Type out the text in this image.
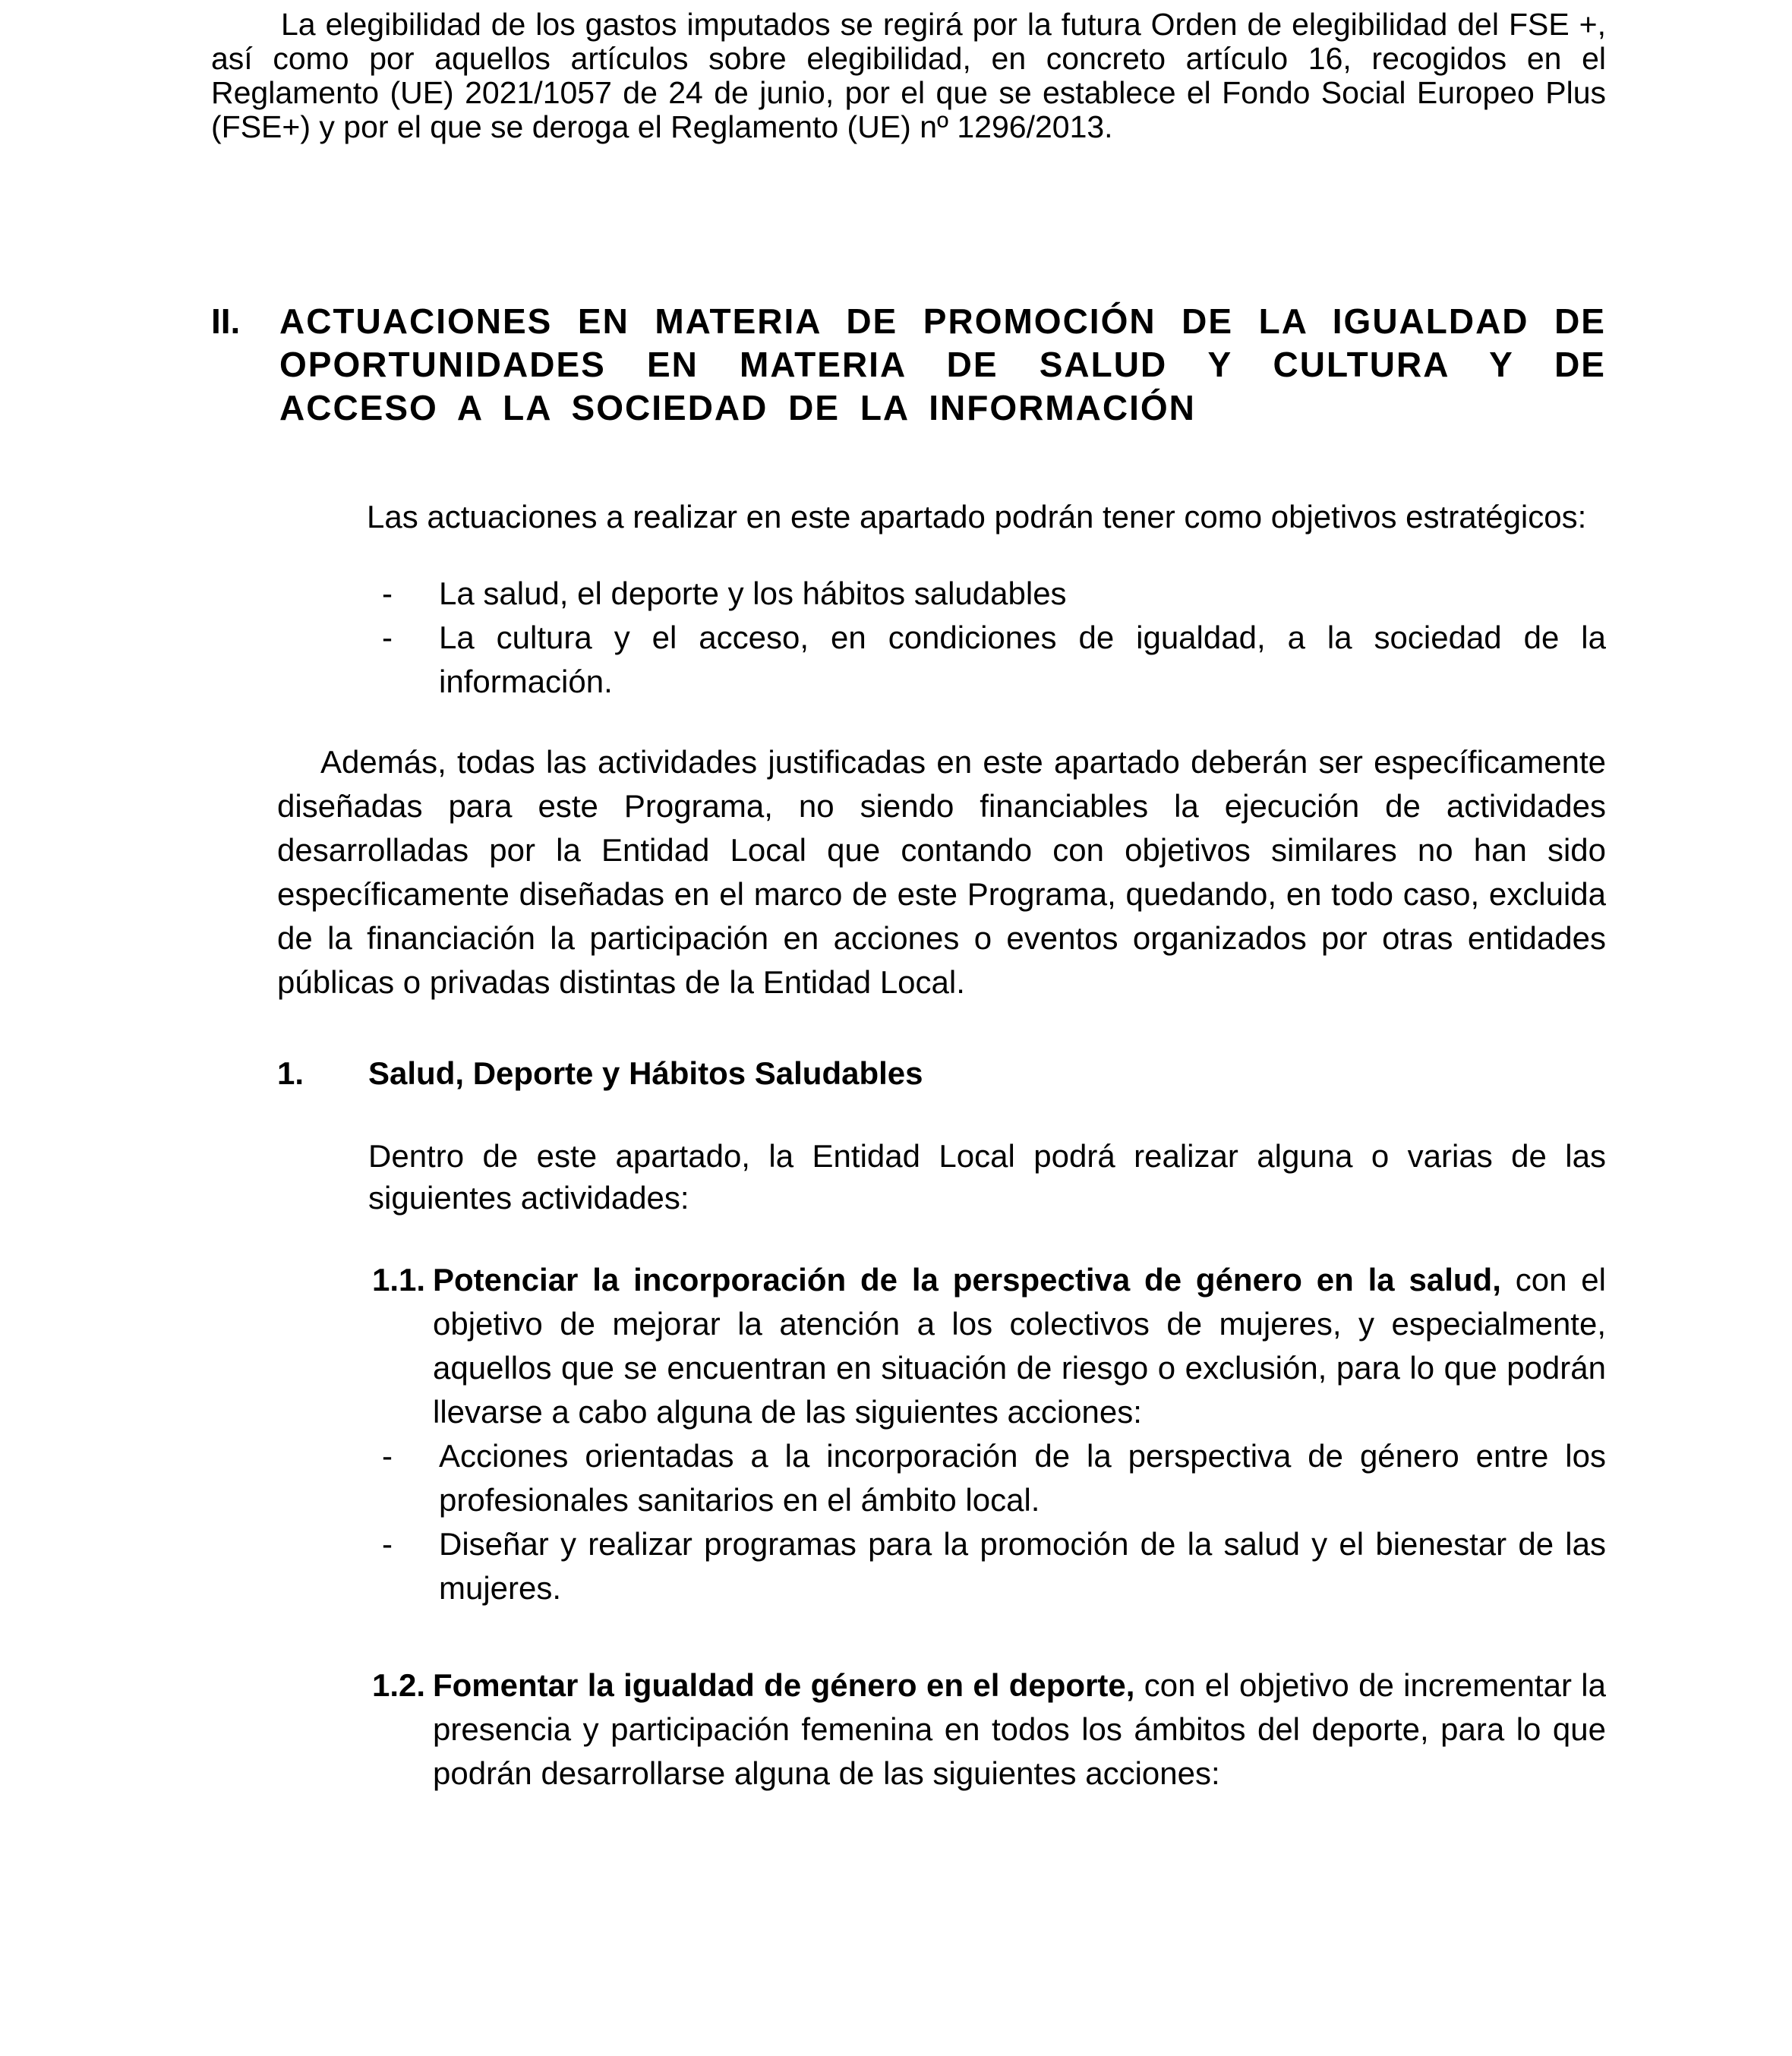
La elegibilidad de los gastos imputados se regirá por la futura Orden de elegibilidad del FSE +, así como por aquellos artículos sobre elegibilidad, en concreto artículo 16, recogidos en el Reglamento (UE) 2021/1057 de 24 de junio, por el que se establece el Fondo Social Europeo Plus (FSE+) y por el que se deroga el Reglamento (UE) nº 1296/2013.

II.	ACTUACIONES EN MATERIA DE PROMOCIÓN DE LA IGUALDAD DE OPORTUNIDADES EN MATERIA DE SALUD Y CULTURA Y DE ACCESO A LA SOCIEDAD DE LA INFORMACIÓN

Las actuaciones a realizar en este apartado podrán tener como objetivos estratégicos:

-	La salud, el deporte y los hábitos saludables

-	La cultura y el acceso, en condiciones de igualdad, a la sociedad de la información.

Además, todas las actividades justificadas en este apartado deberán ser específicamente diseñadas para este Programa, no siendo financiables la ejecución de actividades desarrolladas por la Entidad Local que contando con objetivos similares no han sido específicamente diseñadas en el marco de este Programa, quedando, en todo caso, excluida de la financiación la participación en acciones o eventos organizados por otras entidades públicas o privadas distintas de la Entidad Local.

1.	Salud, Deporte y Hábitos Saludables

Dentro de este apartado, la Entidad Local podrá realizar alguna o varias de las siguientes actividades:

1.1. Potenciar la incorporación de la perspectiva de género en la salud, con el objetivo de mejorar la atención a los colectivos de mujeres, y especialmente, aquellos que se encuentran en situación de riesgo o exclusión, para lo que podrán llevarse a cabo alguna de las siguientes acciones:

-	Acciones orientadas a la incorporación de la perspectiva de género entre los profesionales sanitarios en el ámbito local.

-	Diseñar y realizar programas para la promoción de la salud y el bienestar de las mujeres.

1.2. Fomentar la igualdad de género en el deporte, con el objetivo de incrementar la presencia y participación femenina en todos los ámbitos del deporte, para lo que podrán desarrollarse alguna de las siguientes acciones:
